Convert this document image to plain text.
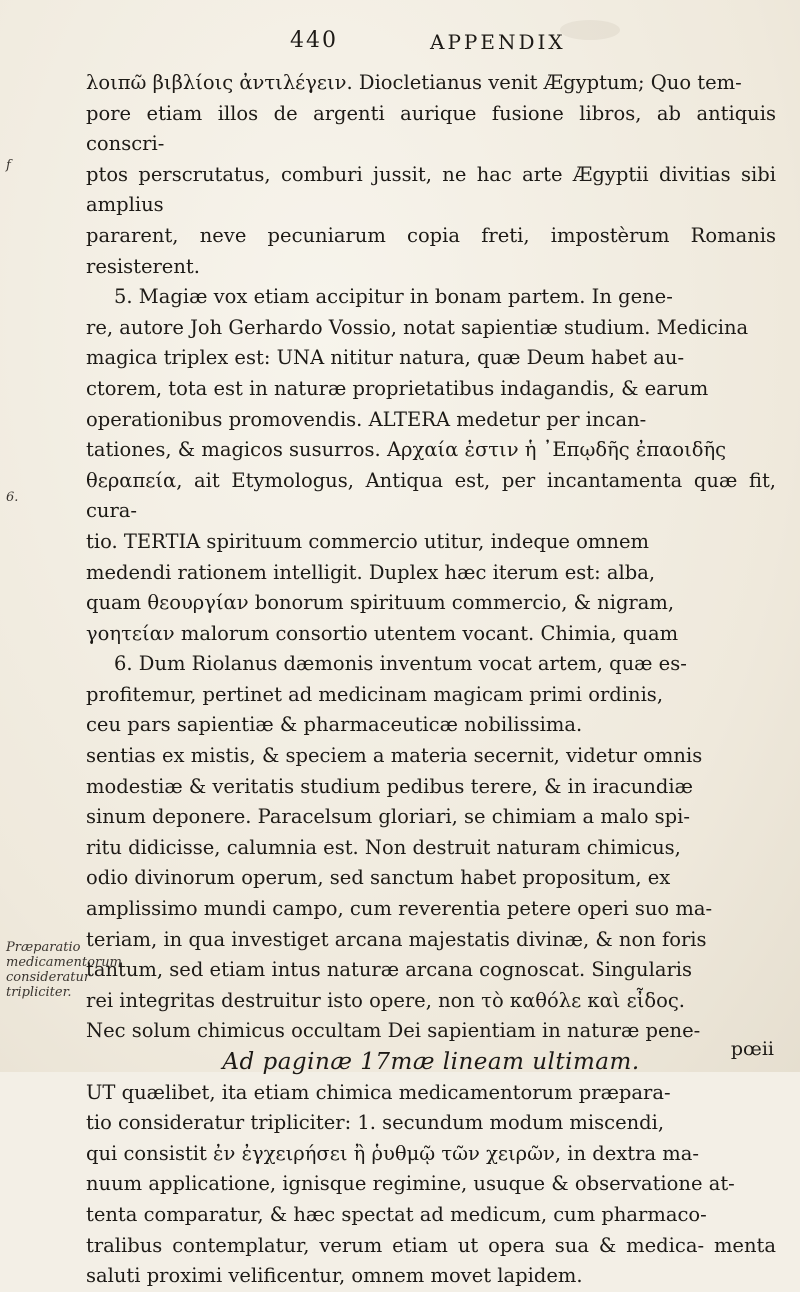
440	APPENDIX
6.
f
Præparatio medicamentorum consideratur tripliciter.

λοιπῶ βιβλίοις ἀντιλέγειν. Diocletianus venit Ægyptum; Quo tem-

pore etiam illos de argenti aurique fusione libros, ab antiquis conscri-

ptos perscrutatus, comburi jussit, ne hac arte Ægyptii divitias sibi amplius

pararent, neve pecuniarum copia freti, impostèrum Romanis resisterent.

5. Magiæ vox etiam accipitur in bonam partem. In gene-

re, autore Joh Gerhardo Vossio, notat sapientiæ studium. Medicina

magica triplex est: UNA nititur natura, quæ Deum habet au-

ctorem, tota est in naturæ proprietatibus indagandis, & earum

operationibus promovendis. ALTERA medetur per incan-

tationes, & magicos susurros. Αρχαία ἐστιν ἡ ᾿Επῳδῆς ἐπαοιδῆς

θεραπεία, ait Etymologus, Antiqua est, per incantamenta quæ fit, cura-

tio. TERTIA spirituum commercio utitur, indeque omnem

medendi rationem intelligit. Duplex hæc iterum est: alba,

quam θεουργίαν bonorum spirituum commercio, & nigram,

γοητείαν malorum consortio utentem vocant. Chimia, quam

6. Dum Riolanus dæmonis inventum vocat artem, quæ es-

profitemur, pertinet ad medicinam magicam primi ordinis,

ceu pars sapientiæ & pharmaceuticæ nobilissima.

sentias ex mistis, & speciem a materia secernit, videtur omnis

modestiæ & veritatis studium pedibus terere, & in iracundiæ

sinum deponere. Paracelsum gloriari, se chimiam a malo spi-

ritu didicisse, calumnia est. Non destruit naturam chimicus,

odio divinorum operum, sed sanctum habet propositum, ex

amplissimo mundi campo, cum reverentia petere operi suo ma-

teriam, in qua investiget arcana majestatis divinæ, & non foris

tantum, sed etiam intus naturæ arcana cognoscat. Singularis

rei integritas destruitur isto opere, non τὸ καθόλε καὶ εἶδος.

Nec solum chimicus occultam Dei sapientiam in naturæ pene-

Ad paginæ 17mæ lineam ultimam.

UT quælibet, ita etiam chimica medicamentorum præpara-

tio consideratur tripliciter: 1. secundum modum miscendi,

qui consistit ἐν ἐγχειρήσει ἢ ῥυθμῷ τῶν χειρῶν, in dextra ma-

nuum applicatione, ignisque regimine, usuque & observatione at-

tenta comparatur, & hæc spectat ad medicum, cum pharmaco-

tralibus contemplatur, verum etiam ut opera sua & medica- menta saluti proximi velificentur, omnem movet lapidem.

pœii
